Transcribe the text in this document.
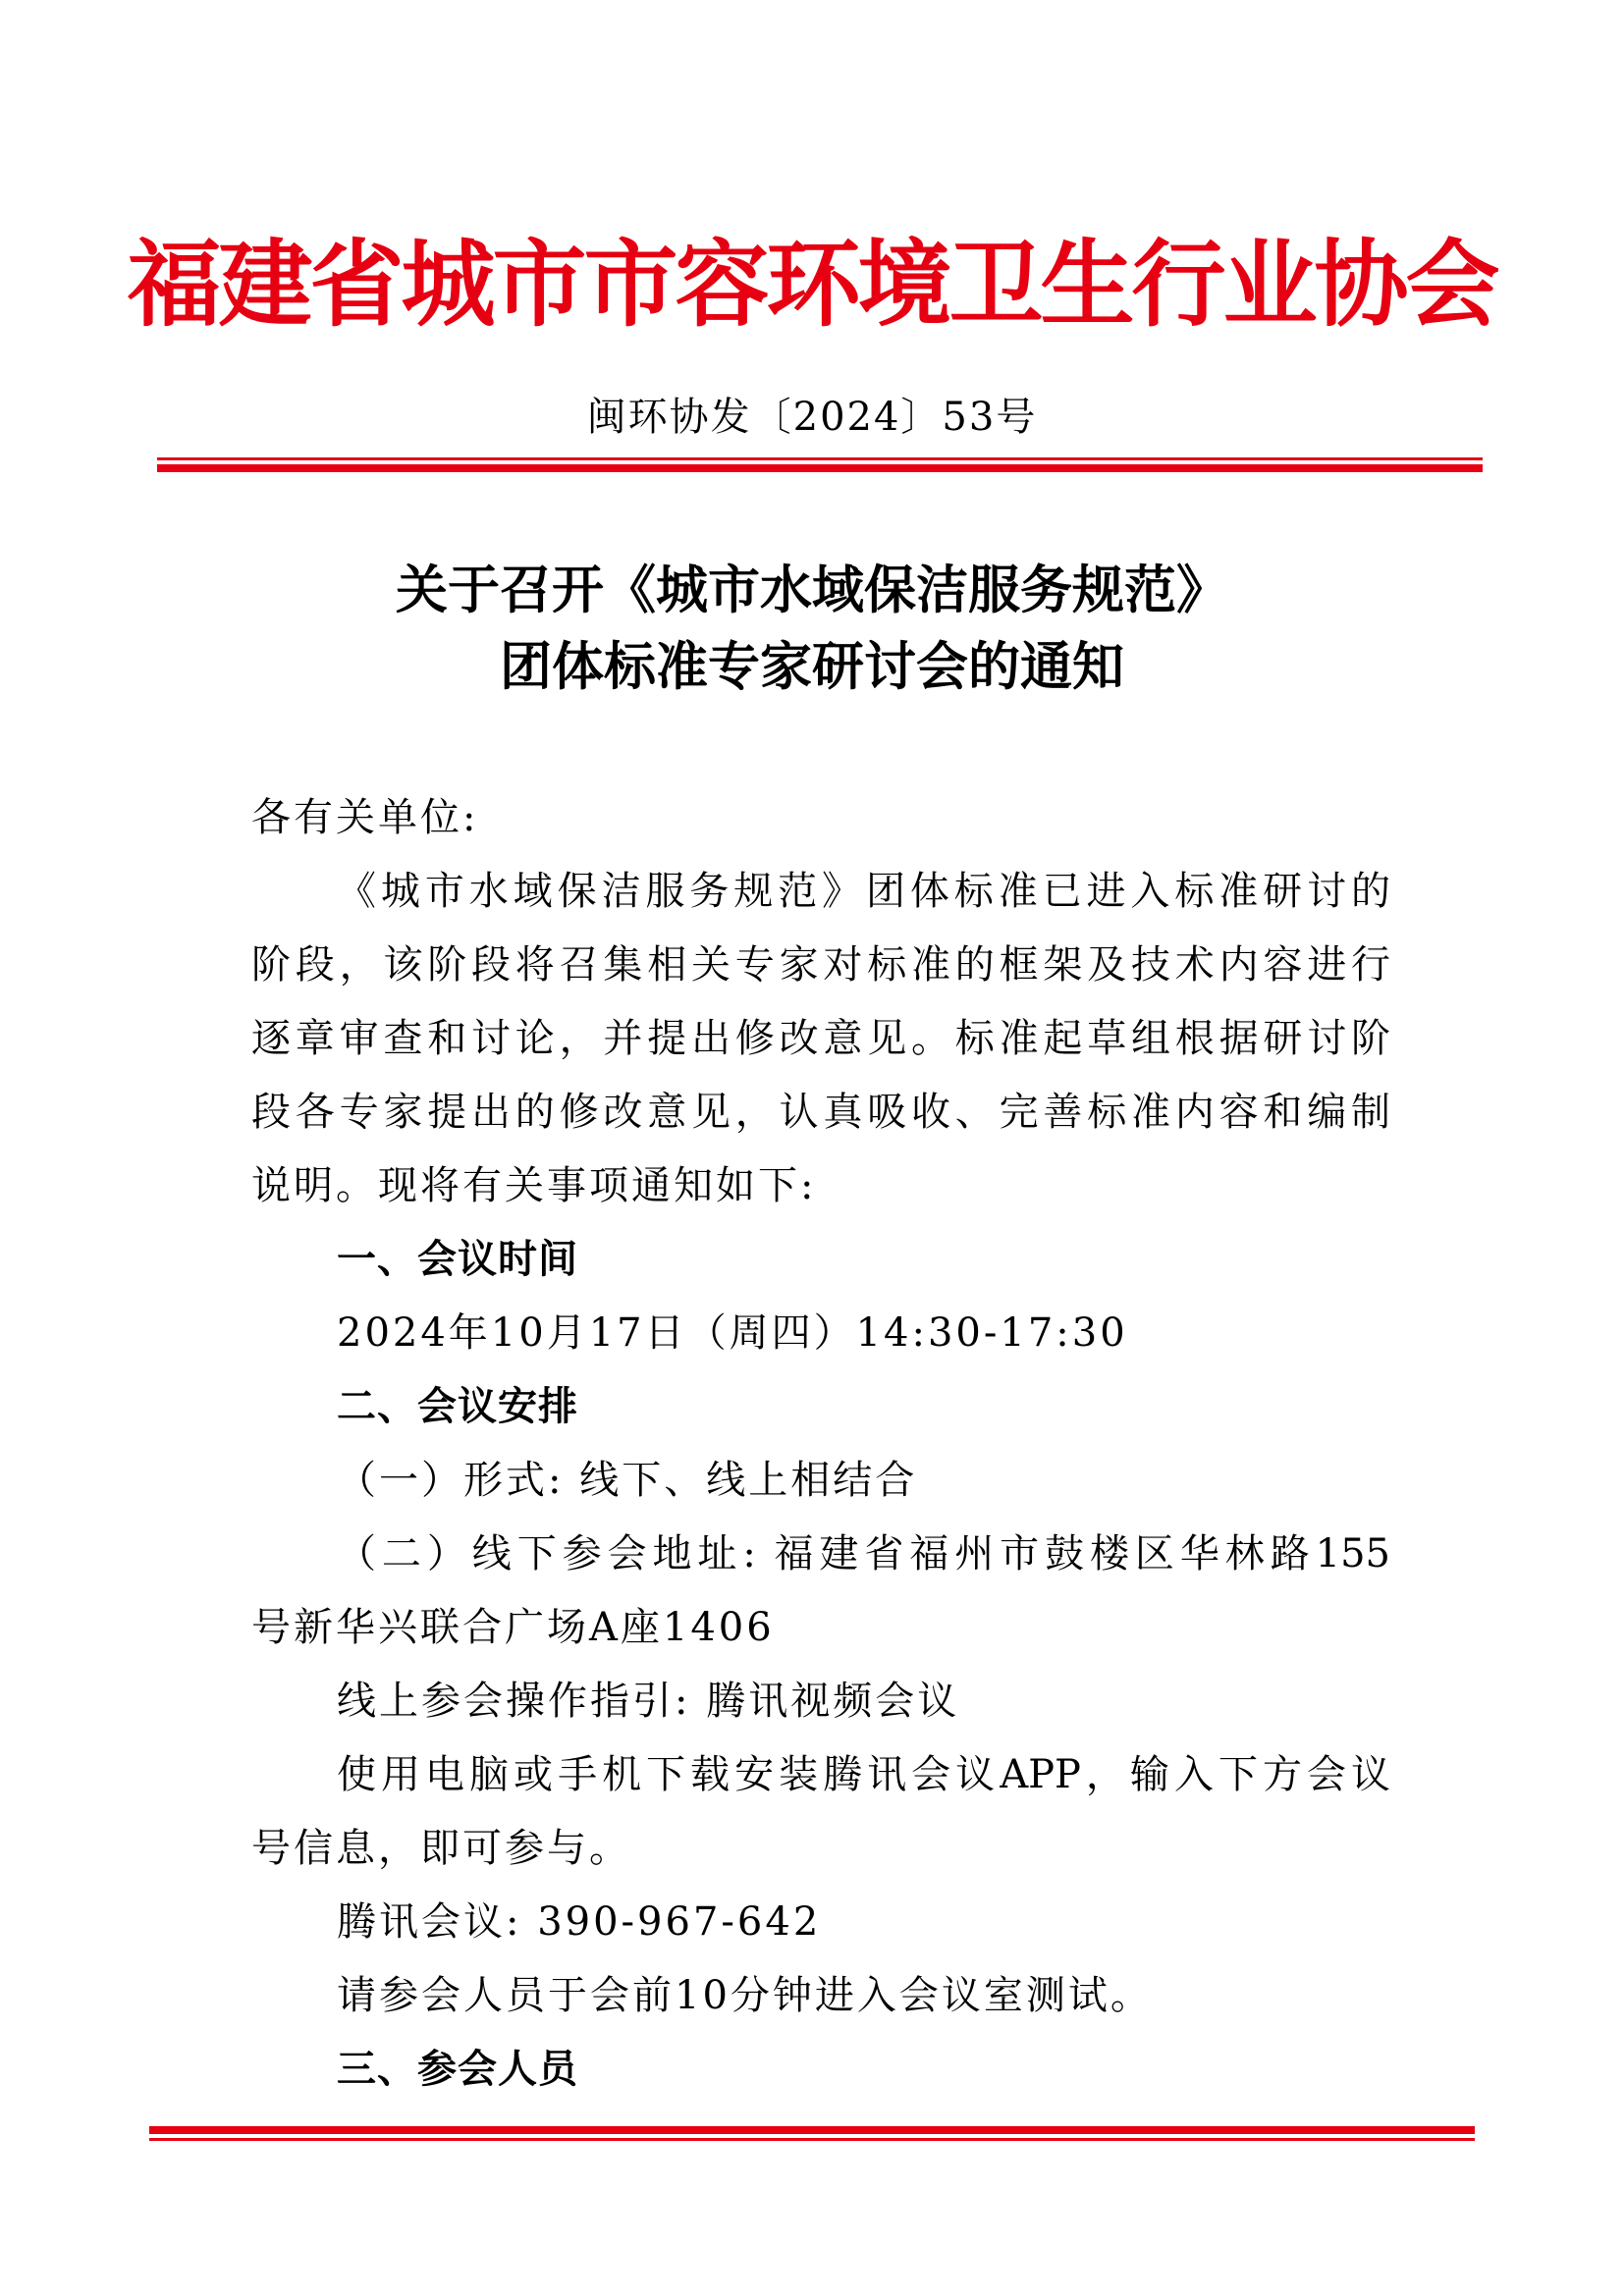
福建省城市市容环境卫生行业协会
闽环协发〔2024〕53号
关于召开《城市水域保洁服务规范》
团体标准专家研讨会的通知
各有关单位:
《城市水域保洁服务规范》团体标准已进入标准研讨的
阶段，该阶段将召集相关专家对标准的框架及技术内容进行
逐章审查和讨论，并提出修改意见。标准起草组根据研讨阶
段各专家提出的修改意见，认真吸收、完善标准内容和编制
说明。现将有关事项通知如下:
一、会议时间
2024年10月17日（周四）14:30-17:30
二、会议安排
（一）形式: 线下、线上相结合
（二）线下参会地址: 福建省福州市鼓楼区华林路155
号新华兴联合广场A座1406
线上参会操作指引: 腾讯视频会议
使用电脑或手机下载安装腾讯会议APP，输入下方会议
号信息，即可参与。
腾讯会议: 390-967-642
请参会人员于会前10分钟进入会议室测试。
三、参会人员
